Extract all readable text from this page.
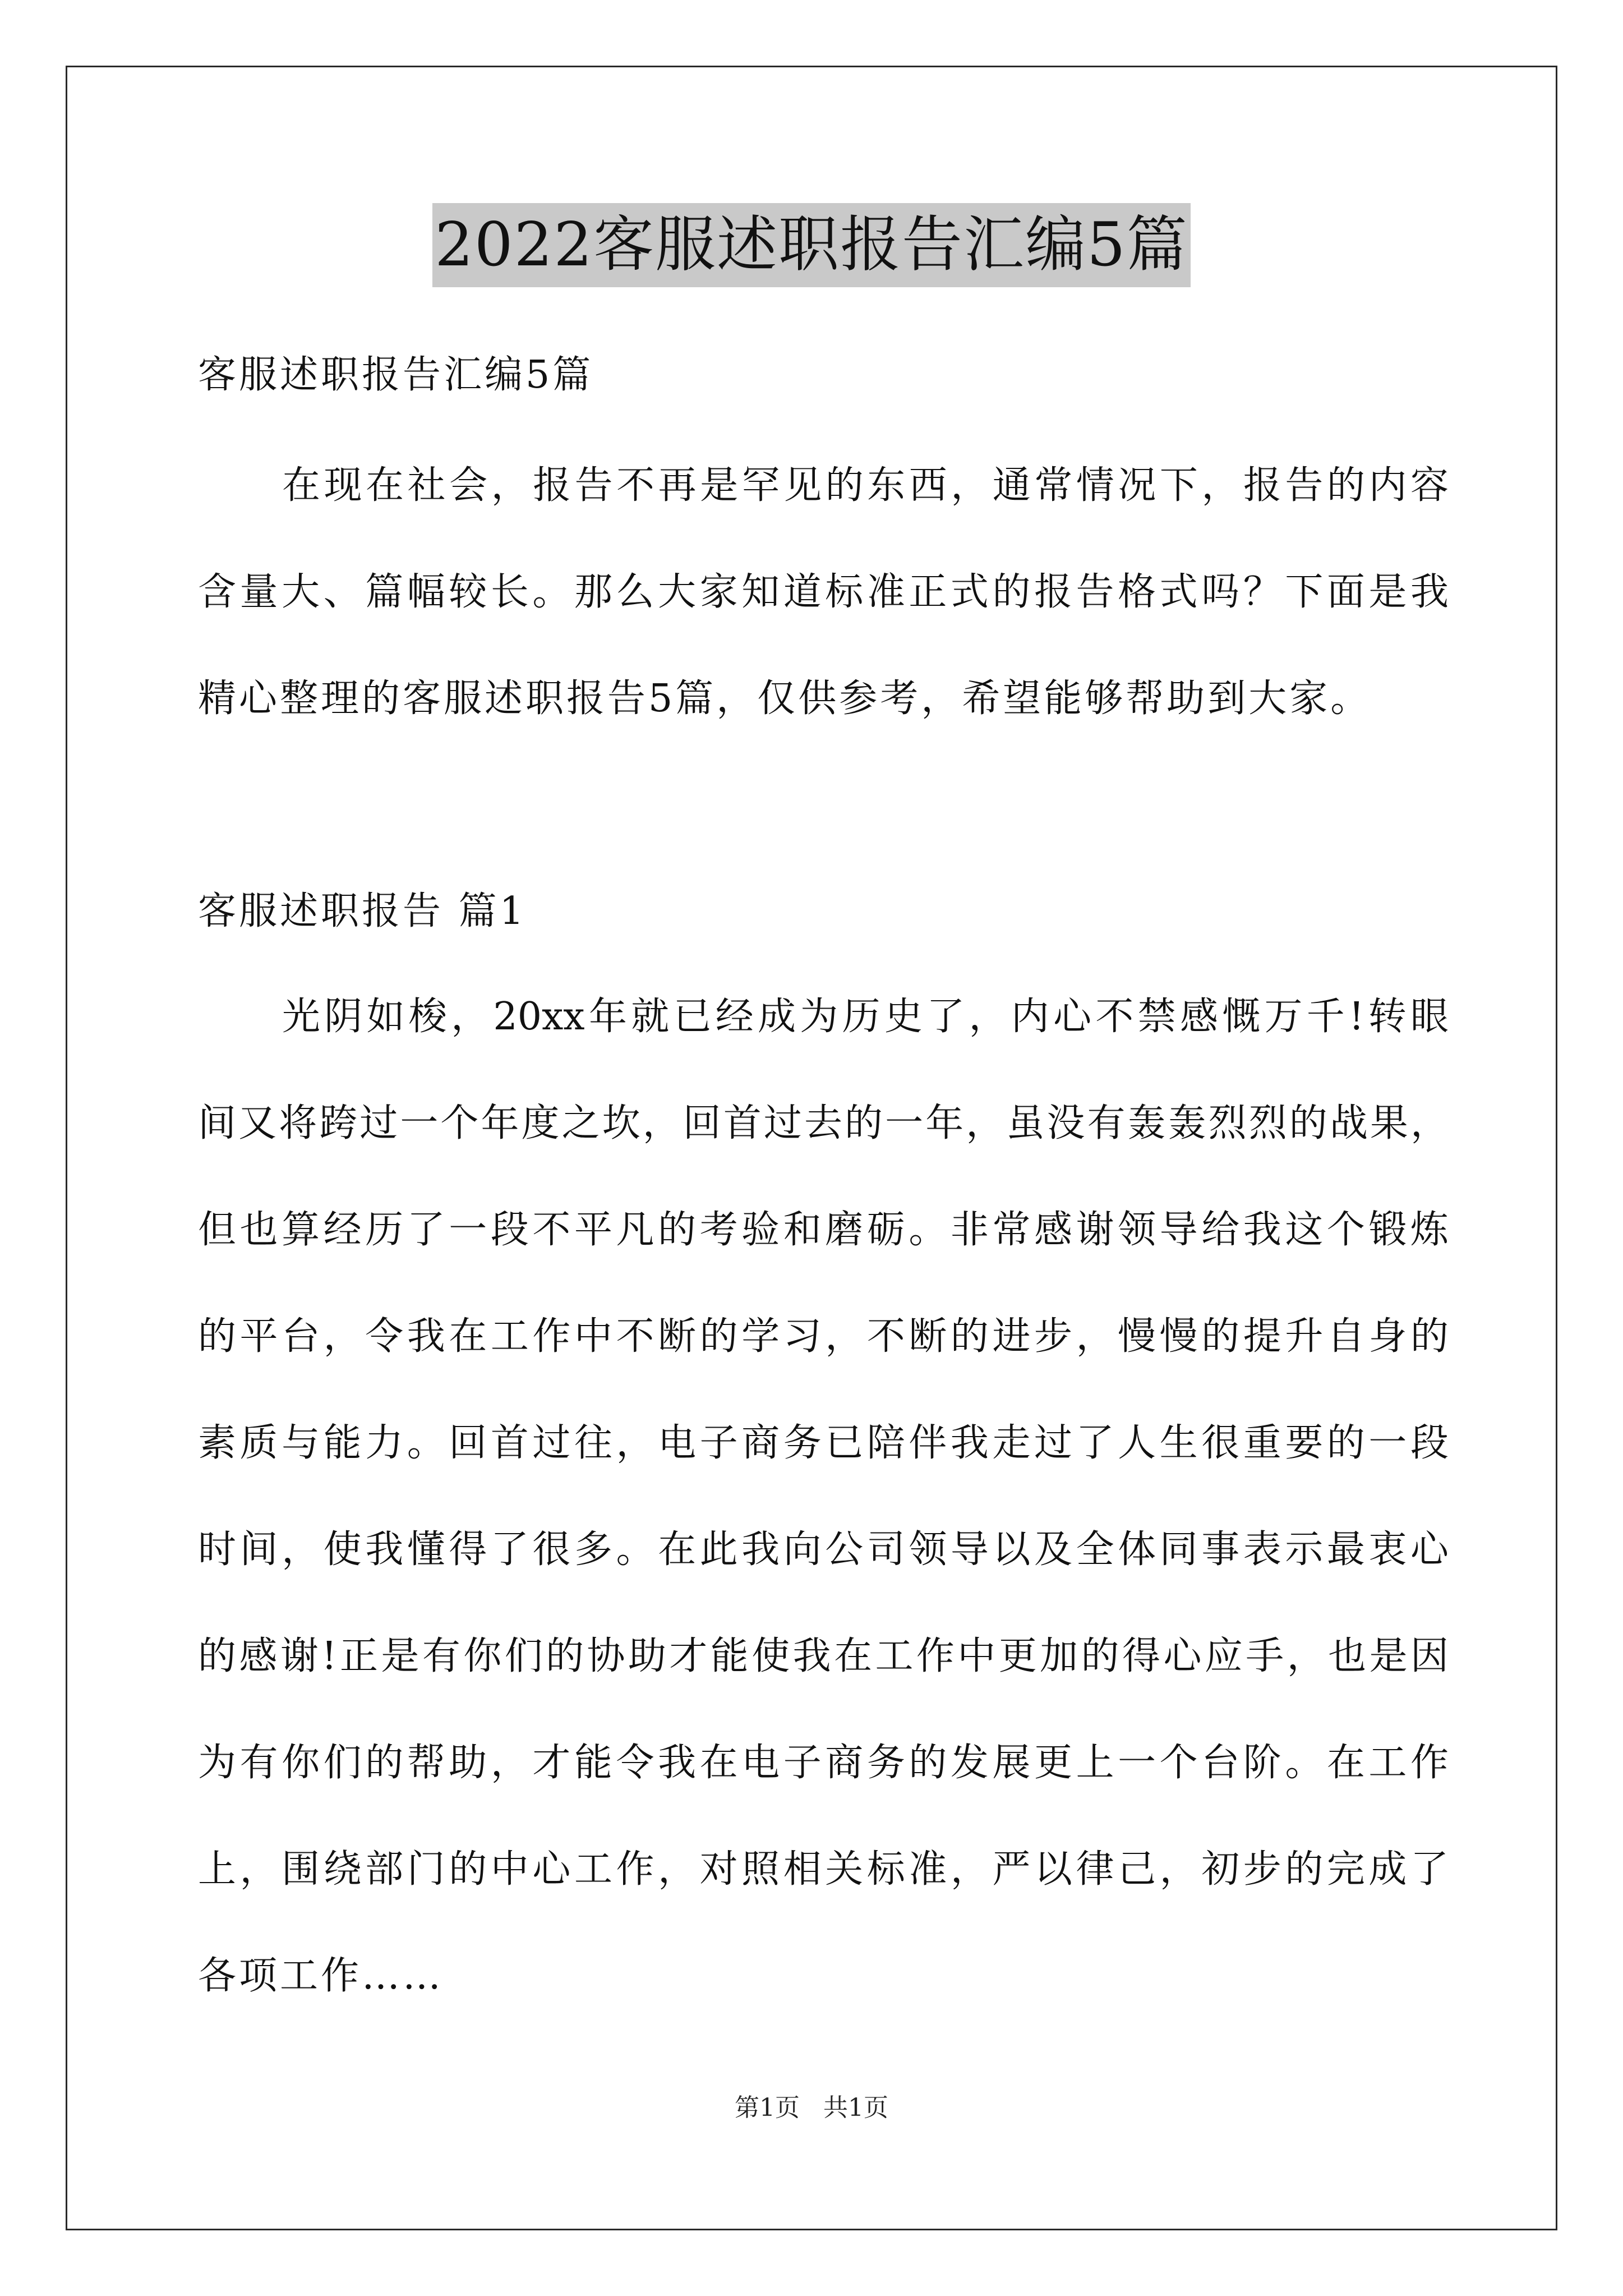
2022客服述职报告汇编5篇
客服述职报告汇编5篇
在现在社会，报告不再是罕见的东西，通常情况下，报告的内容
含量大、篇幅较长。那么大家知道标准正式的报告格式吗？下面是我
精心整理的客服述职报告5篇，仅供参考，希望能够帮助到大家。
客服述职报告 篇1
光阴如梭，20xx年就已经成为历史了，内心不禁感慨万千!转眼
间又将跨过一个年度之坎，回首过去的一年，虽没有轰轰烈烈的战果，
但也算经历了一段不平凡的考验和磨砺。非常感谢领导给我这个锻炼
的平台，令我在工作中不断的学习，不断的进步，慢慢的提升自身的
素质与能力。回首过往，电子商务已陪伴我走过了人生很重要的一段
时间，使我懂得了很多。在此我向公司领导以及全体同事表示最衷心
的感谢!正是有你们的协助才能使我在工作中更加的得心应手，也是因
为有你们的帮助，才能令我在电子商务的发展更上一个台阶。在工作
上，围绕部门的中心工作，对照相关标准，严以律己，初步的完成了
各项工作……
第1页   共1页
